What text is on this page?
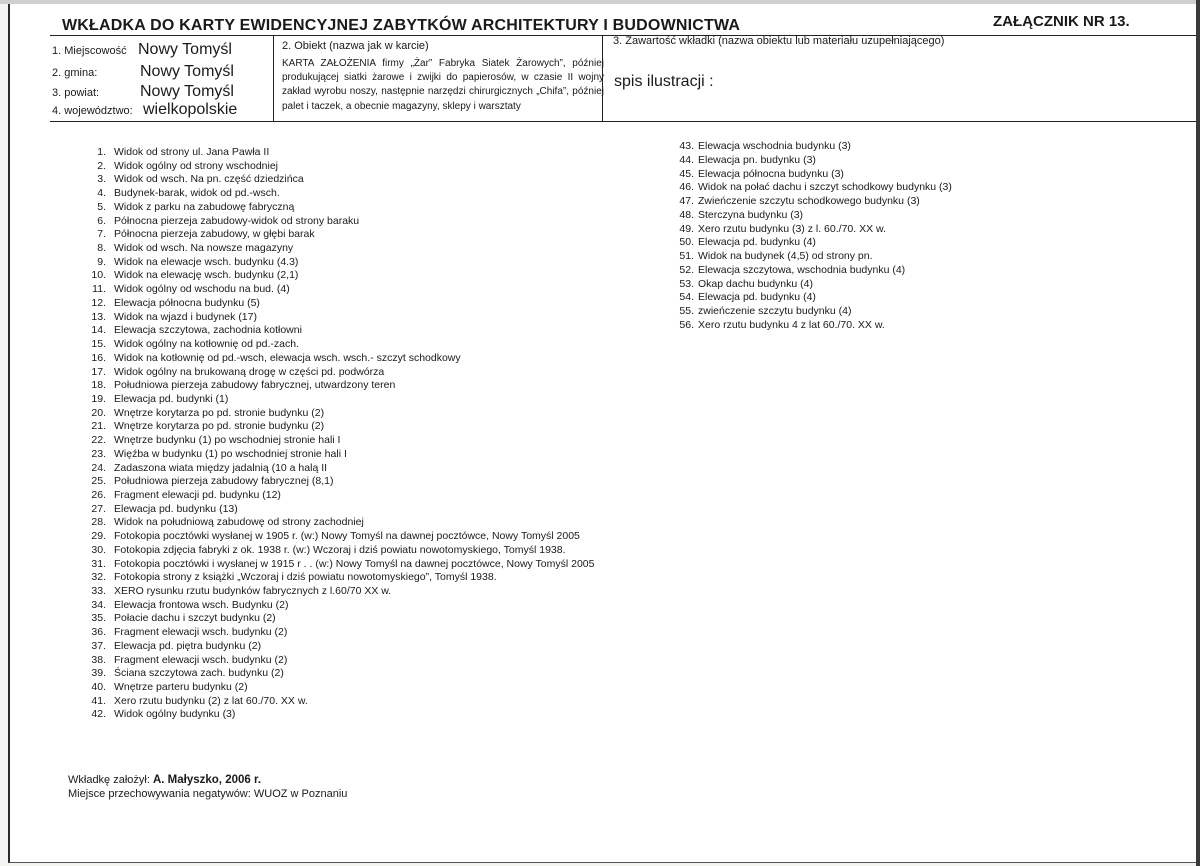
WKŁADKA DO KARTY EWIDENCYJNEJ ZABYTKÓW ARCHITEKTURY I BUDOWNICTWA	ZAŁĄCZNIK NR 13.
1. Miejscowość Nowy Tomyśl
2. gmina:	Nowy Tomyśl
3. powiat:	Nowy Tomyśl
4. województwo: wielkopolskie
2. Obiekt (nazwa jak w karcie)
KARTA ZAŁOŻENIA firmy „Żar” Fabryka Siatek Żarowych”, później produkującej siatki żarowe i zwijki do papierosów, w czasie II wojny zakład wyrobu noszy, następnie narzędzi chirurgicznych „Chifa”, później palet i taczek, a obecnie magazyny, sklepy i warsztaty
3. Zawartość wkładki (nazwa obiektu lub materiału uzupełniającego)
spis ilustracji :
1. Widok od strony ul. Jana Pawła II
2. Widok ogólny od strony wschodniej
3. Widok od wsch. Na pn. część dziedzińca
4. Budynek-barak, widok od pd.-wsch.
5. Widok z parku na zabudowę fabryczną
6. Północna pierzeja zabudowy-widok od strony baraku
7. Północna pierzeja zabudowy, w głębi barak
8. Widok od wsch. Na nowsze magazyny
9. Widok na elewacje wsch. budynku (4.3)
10. Widok na elewację wsch. budynku (2,1)
11. Widok ogólny od wschodu na bud. (4)
12. Elewacja północna budynku (5)
13. Widok na wjazd i budynek (17)
14. Elewacja szczytowa, zachodnia kotłowni
15. Widok ogólny na kotłownię od pd.-zach.
16. Widok na kotłownię od pd.-wsch, elewacja wsch. wsch.- szczyt schodkowy
17. Widok ogólny na brukowaną drogę w części pd. podwórza
18. Południowa pierzeja zabudowy fabrycznej, utwardzony teren
19. Elewacja pd. budynki (1)
20. Wnętrze korytarza po pd. stronie budynku (2)
21. Wnętrze korytarza po pd. stronie budynku (2)
22. Wnętrze budynku (1) po wschodniej stronie hali I
23. Więźba w budynku (1) po wschodniej stronie hali I
24. Zadaszona wiata między jadalnią (10 a halą II
25. Południowa pierzeja zabudowy fabrycznej (8,1)
26. Fragment elewacji pd. budynku (12)
27. Elewacja pd. budynku (13)
28. Widok na południową zabudowę od strony zachodniej
29. Fotokopia pocztówki wysłanej w 1905 r. (w:) Nowy Tomyśl na dawnej pocztówce, Nowy Tomyśl 2005
30. Fotokopia zdjęcia fabryki z ok. 1938 r. (w:) Wczoraj i dziś powiatu nowotomyskiego, Tomyśl 1938.
31. Fotokopia pocztówki i wysłanej w 1915 r . . (w:) Nowy Tomyśl na dawnej pocztówce, Nowy Tomyśl 2005
32. Fotokopia strony z książki „Wczoraj i dziś powiatu nowotomyskiego”, Tomyśl 1938.
33. XERO rysunku rzutu budynków fabrycznych z l.60/70 XX w.
34. Elewacja frontowa wsch. Budynku (2)
35. Połacie dachu i szczyt budynku (2)
36. Fragment elewacji wsch. budynku (2)
37. Elewacja pd. piętra budynku (2)
38. Fragment elewacji wsch. budynku (2)
39. Ściana szczytowa zach. budynku (2)
40. Wnętrze parteru budynku (2)
41. Xero rzutu budynku (2) z lat 60./70. XX w.
42. Widok ogólny budynku (3)
43. Elewacja wschodnia budynku (3)
44. Elewacja pn. budynku (3)
45. Elewacja północna budynku (3)
46. Widok na połać dachu i szczyt schodkowy budynku (3)
47. Zwieńczenie szczytu schodkowego budynku (3)
48. Sterczyna budynku (3)
49. Xero rzutu budynku (3) z l. 60./70. XX w.
50. Elewacja pd. budynku (4)
51. Widok na budynek (4,5) od strony pn.
52. Elewacja szczytowa, wschodnia budynku (4)
53. Okap dachu budynku (4)
54. Elewacja pd. budynku (4)
55. zwieńczenie szczytu budynku (4)
56. Xero rzutu budynku 4 z lat 60./70. XX w.
Wkładkę założył: A. Małyszko, 2006 r.
Miejsce przechowywania negatywów: WUOZ w Poznaniu
